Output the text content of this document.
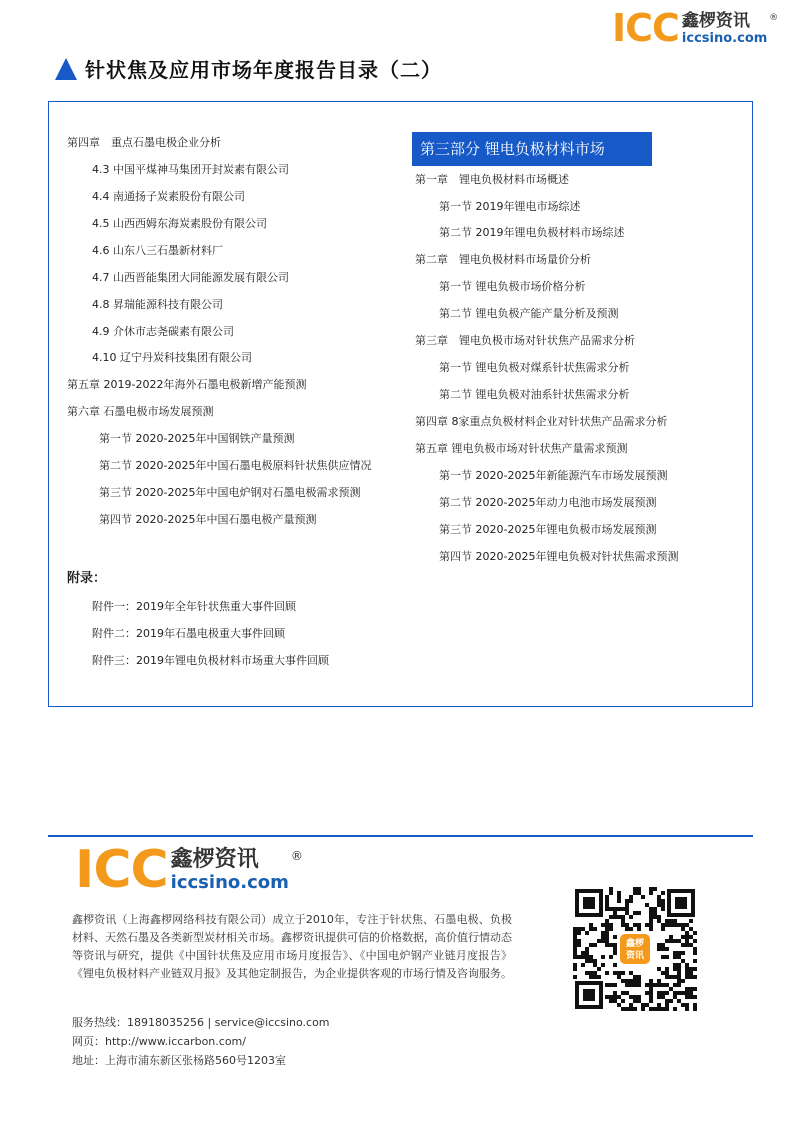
ICC 鑫椤资讯 ®
iccsino.com
针状焦及应用市场年度报告目录（二）
第四章　重点石墨电极企业分析
4.3 中国平煤神马集团开封炭素有限公司
4.4 南通扬子炭素股份有限公司
4.5 山西西姆东海炭素股份有限公司
4.6 山东八三石墨新材料厂
4.7 山西晋能集团大同能源发展有限公司
4.8 昇瑞能源科技有限公司
4.9 介休市志尧碳素有限公司
4.10 辽宁丹炭科技集团有限公司
第五章 2019-2022年海外石墨电极新增产能预测
第六章 石墨电极市场发展预测
第一节 2020-2025年中国钢铁产量预测
第二节 2020-2025年中国石墨电极原料针状焦供应情况
第三节 2020-2025年中国电炉钢对石墨电极需求预测
第四节 2020-2025年中国石墨电极产量预测
附录：
附件一：2019年全年针状焦重大事件回顾
附件二：2019年石墨电极重大事件回顾
附件三：2019年锂电负极材料市场重大事件回顾
第三部分 锂电负极材料市场
第一章　锂电负极材料市场概述
第一节 2019年锂电市场综述
第二节 2019年锂电负极材料市场综述
第二章　锂电负极材料市场量价分析
第一节 锂电负极市场价格分析
第二节 锂电负极产能产量分析及预测
第三章　锂电负极市场对针状焦产品需求分析
第一节 锂电负极对煤系针状焦需求分析
第二节 锂电负极对油系针状焦需求分析
第四章 8家重点负极材料企业对针状焦产品需求分析
第五章 锂电负极市场对针状焦产量需求预测
第一节 2020-2025年新能源汽车市场发展预测
第二节 2020-2025年动力电池市场发展预测
第三节 2020-2025年锂电负极市场发展预测
第四节 2020-2025年锂电负极对针状焦需求预测
ICC 鑫椤资讯	®
iccsino.com
鑫椤资讯（上海鑫椤网络科技有限公司）成立于2010年，专注于针状焦、石墨电极、负极材料、天然石墨及各类新型炭材相关市场。鑫椤资讯提供可信的价格数据，高价值行情动态等资讯与研究，提供《中国针状焦及应用市场月度报告》、《中国电炉钢产业链月度报告》《锂电负极材料产业链双月报》及其他定制报告，为企业提供客观的市场行情及咨询服务。
服务热线：18918035256 | service@iccsino.com
网页：http://www.iccarbon.com/
地址：上海市浦东新区张杨路560号1203室
鑫椤
资讯
